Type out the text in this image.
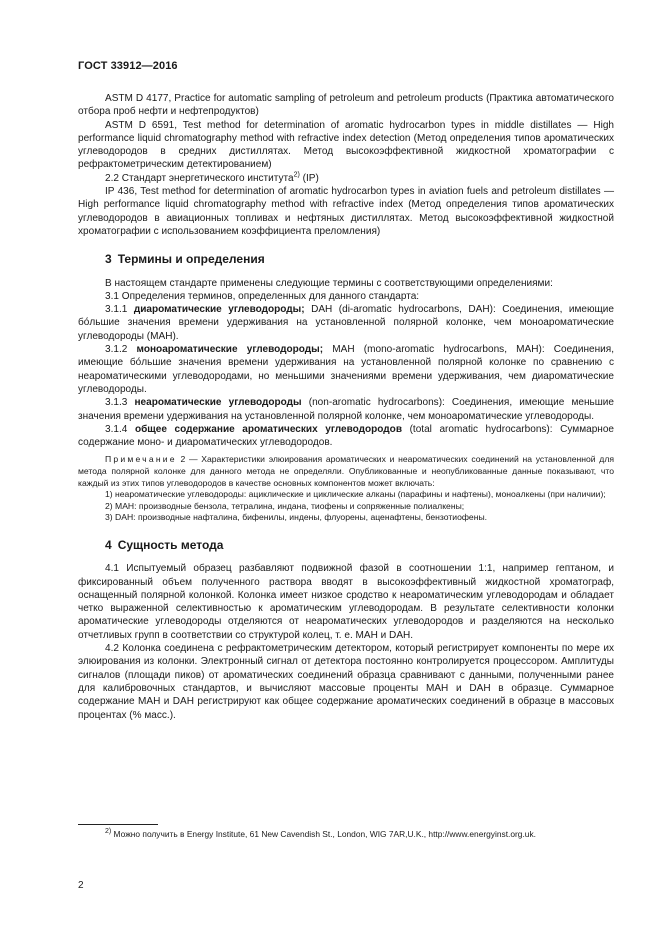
ГОСТ 33912—2016

ASTM D 4177, Practice for automatic sampling of petroleum and petroleum products (Практика автоматического отбора проб нефти и нефтепродуктов)

ASTM D 6591, Test method for determination of aromatic hydrocarbon types in middle distillates — High performance liquid chromatography method with refractive index detection (Метод определения типов ароматических углеводородов в средних дистиллятах. Метод высокоэффективной жидкостной хроматографии с рефрактометрическим детектированием)

2.2 Стандарт энергетического института$^{2)}$ (IP)

IP 436, Test method for determination of aromatic hydrocarbon types in aviation fuels and petroleum distillates — High performance liquid chromatography method with refractive index (Метод определения типов ароматических углеводородов в авиационных топливах и нефтяных дистиллятах. Метод высокоэффективной жидкостной хроматографии с использованием коэффициента преломления)

3 Термины и определения

В настоящем стандарте применены следующие термины с соответствующими определениями:

3.1 Определения терминов, определенных для данного стандарта:

3.1.1 диароматические углеводороды; DAH (di-aromatic hydrocarbons, DAH): Соединения, имеющие бо́льшие значения времени удерживания на установленной полярной колонке, чем моноароматические углеводороды (MAH).

3.1.2 моноароматические углеводороды; MAH (mono-aromatic hydrocarbons, MAH): Соединения, имеющие бо́льшие значения времени удерживания на установленной полярной колонке по сравнению с неароматическими углеводородами, но меньшими значениями времени удерживания, чем диароматические углеводороды.

3.1.3 неароматические углеводороды (non-aromatic hydrocarbons): Соединения, имеющие меньшие значения времени удерживания на установленной полярной колонке, чем моноароматические углеводороды.

3.1.4 общее содержание ароматических углеводородов (total aromatic hydrocarbons): Суммарное содержание моно- и диароматических углеводородов.

Примечание 2 — Характеристики элюирования ароматических и неароматических соединений на установленной для метода полярной колонке для данного метода не определяли. Опубликованные и неопубликованные данные показывают, что каждый из этих типов углеводородов в качестве основных компонентов может включать:

1) неароматические углеводороды: ациклические и циклические алканы (парафины и нафтены), моноалкены (при наличии);

2) MAH: производные бензола, тетралина, индана, тиофены и сопряженные полиалкены;

3) DAH: производные нафталина, бифенилы, индены, флуорены, аценафтены, бензотиофены.

4 Сущность метода

4.1 Испытуемый образец разбавляют подвижной фазой в соотношении 1:1, например гептаном, и фиксированный объем полученного раствора вводят в высокоэффективный жидкостной хроматограф, оснащенный полярной колонкой. Колонка имеет низкое сродство к неароматическим углеводородам и обладает четко выраженной селективностью к ароматическим углеводородам. В результате селективности колонки ароматические углеводороды отделяются от неароматических углеводородов и разделяются на несколько отчетливых групп в соответствии со структурой колец, т. е. MAH и DAH.

4.2 Колонка соединена с рефрактометрическим детектором, который регистрирует компоненты по мере их элюирования из колонки. Электронный сигнал от детектора постоянно контролируется процессором. Амплитуды сигналов (площади пиков) от ароматических соединений образца сравнивают с данными, полученными ранее для калибровочных стандартов, и вычисляют массовые проценты MAH и DAH в образце. Суммарное содержание MAH и DAH регистрируют как общее содержание ароматических соединений в образце в массовых процентах (% масс.).

$^{2)}$ Можно получить в Energy Institute, 61 New Cavendish St., London, WIG 7AR,U.K., http://www.energyinst.org.uk.
2
